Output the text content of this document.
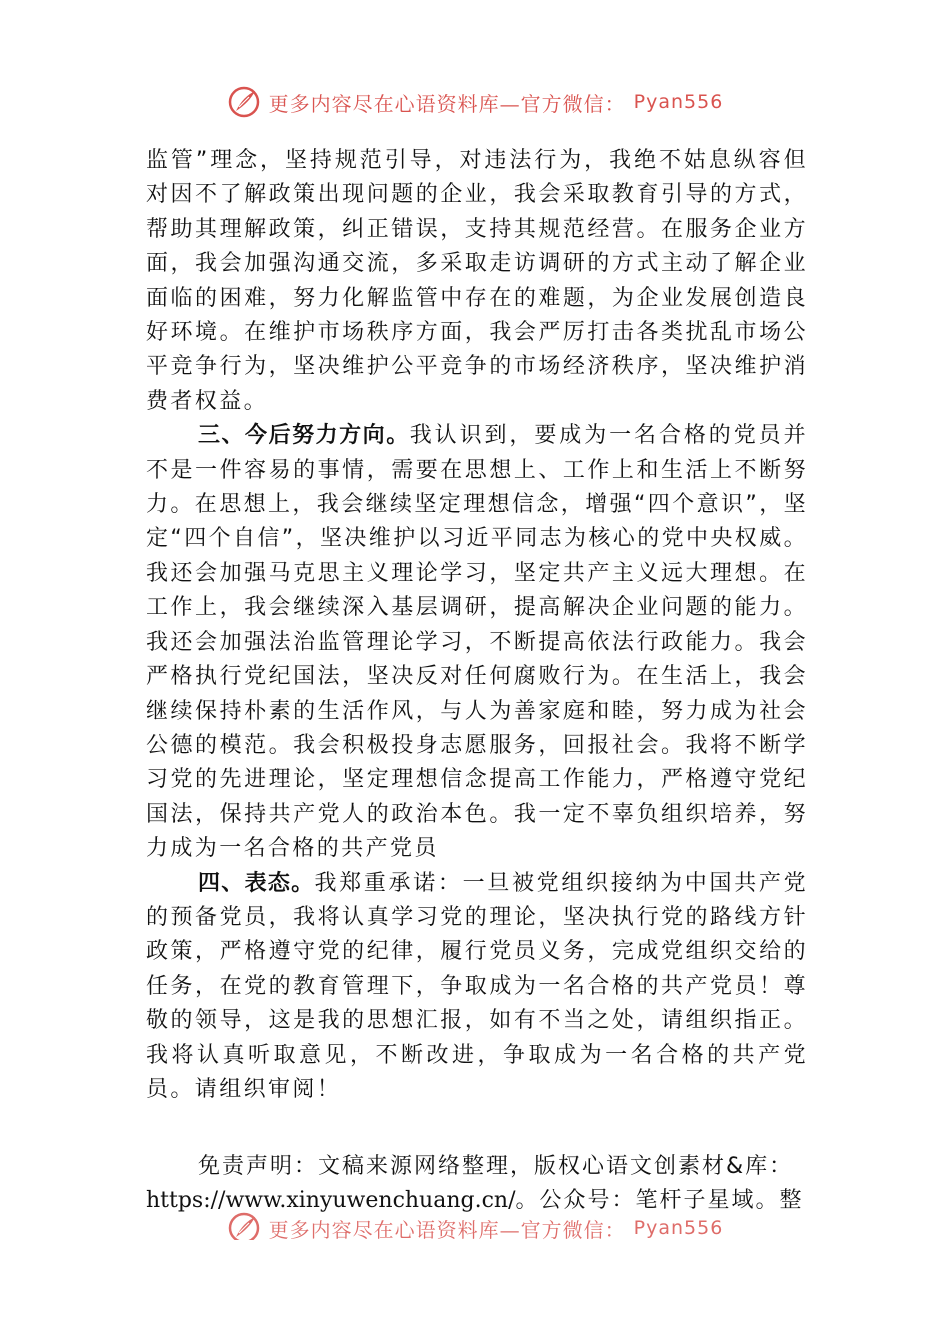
更多内容尽在心语资料库—官方微信： Pyan556

监管”理念，坚持规范引导，对违法行为，我绝不姑息纵容但对因不了解政策出现问题的企业，我会采取教育引导的方式，帮助其理解政策，纠正错误，支持其规范经营。在服务企业方面，我会加强沟通交流，多采取走访调研的方式主动了解企业面临的困难，努力化解监管中存在的难题，为企业发展创造良好环境。在维护市场秩序方面，我会严厉打击各类扰乱市场公平竞争行为，坚决维护公平竞争的市场经济秩序，坚决维护消费者权益。

三、今后努力方向。我认识到，要成为一名合格的党员并不是一件容易的事情，需要在思想上、工作上和生活上不断努力。在思想上，我会继续坚定理想信念，增强“四个意识”，坚定“四个自信”，坚决维护以习近平同志为核心的党中央权威。我还会加强马克思主义理论学习，坚定共产主义远大理想。在工作上，我会继续深入基层调研，提高解决企业问题的能力。我还会加强法治监管理论学习，不断提高依法行政能力。我会严格执行党纪国法，坚决反对任何腐败行为。在生活上，我会继续保持朴素的生活作风，与人为善家庭和睦，努力成为社会公德的模范。我会积极投身志愿服务，回报社会。我将不断学习党的先进理论，坚定理想信念提高工作能力，严格遵守党纪国法，保持共产党人的政治本色。我一定不辜负组织培养，努力成为一名合格的共产党员

四、表态。我郑重承诺：一旦被党组织接纳为中国共产党的预备党员，我将认真学习党的理论，坚决执行党的路线方针政策，严格遵守党的纪律，履行党员义务，完成党组织交给的任务，在党的教育管理下，争取成为一名合格的共产党员！尊敬的领导，这是我的思想汇报，如有不当之处，请组织指正。我将认真听取意见，不断改进，争取成为一名合格的共产党员。请组织审阅！

免责声明：文稿来源网络整理，版权心语文创素材&库：https://www.xinyuwenchuang.cn/。公众号：笔杆子星域。整

更多内容尽在心语资料库—官方微信： Pyan556
